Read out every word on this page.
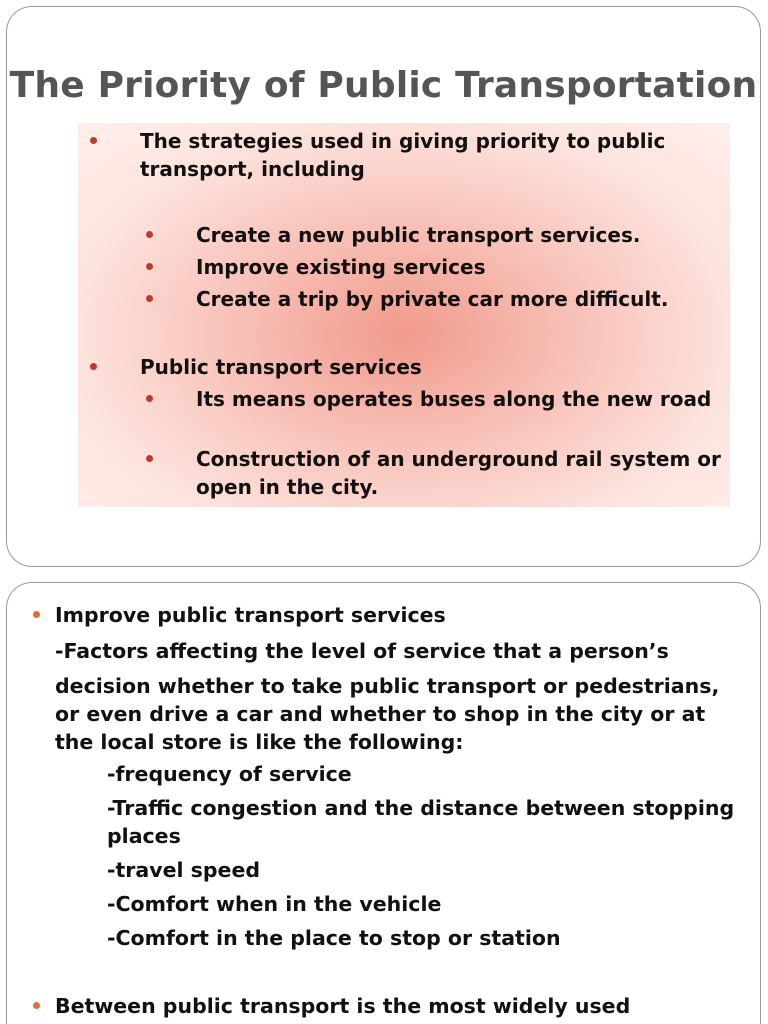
The Priority of Public Transportation
The strategies used in giving priority to public transport, including
Create a new public transport services.
Improve existing services
Create a trip by private car more difficult.
Public transport services
Its means operates buses along the new road
Construction of an underground rail system or open in the city.
Improve public transport services
-Factors affecting the level of service that a person’s
decision whether to take public transport or pedestrians, or even drive a car and whether to shop in the city or at the local store is like the following:
-frequency of service
-Traffic congestion and the distance between stopping places
-travel speed
-Comfort when in the vehicle
-Comfort in the place to stop or station
Between public transport is the most widely used
